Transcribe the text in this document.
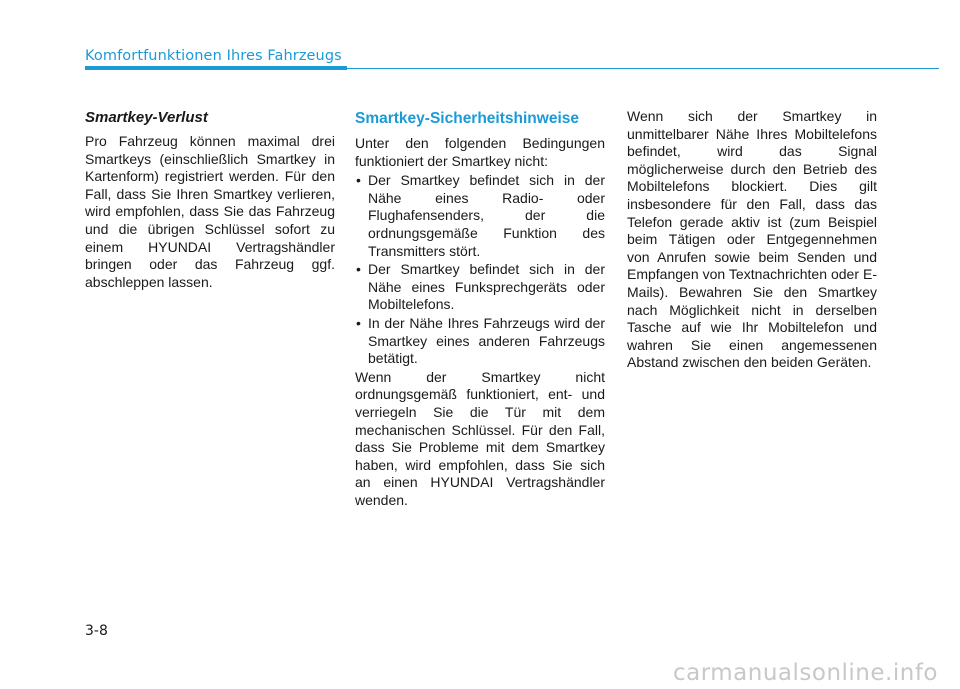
Komfortfunktionen Ihres Fahrzeugs
Smartkey-Verlust

Pro Fahrzeug können maximal drei Smartkeys (einschließlich Smartkey in Kartenform) registriert werden. Für den Fall, dass Sie Ihren Smartkey verlieren, wird empfohlen, dass Sie das Fahrzeug und die übrigen Schlüssel sofort zu einem HYUNDAI Vertragshändler bringen oder das Fahrzeug ggf. abschleppen lassen.

Smartkey-Sicherheitshinweise

Unter den folgenden Bedingungen funktioniert der Smartkey nicht:

• Der Smartkey befindet sich in der Nähe eines Radio- oder Flughafensenders, der die ordnungsgemäße Funktion des Transmitters stört.
• Der Smartkey befindet sich in der Nähe eines Funksprechgeräts oder Mobiltelefons.
• In der Nähe Ihres Fahrzeugs wird der Smartkey eines anderen Fahrzeugs betätigt.

Wenn der Smartkey nicht ordnungsgemäß funktioniert, ent- und verriegeln Sie die Tür mit dem mechanischen Schlüssel. Für den Fall, dass Sie Probleme mit dem Smartkey haben, wird empfohlen, dass Sie sich an einen HYUNDAI Vertragshändler wenden.

Wenn sich der Smartkey in unmittelbarer Nähe Ihres Mobiltelefons befindet, wird das Signal möglicherweise durch den Betrieb des Mobiltelefons blockiert. Dies gilt insbesondere für den Fall, dass das Telefon gerade aktiv ist (zum Beispiel beim Tätigen oder Entgegennehmen von Anrufen sowie beim Senden und Empfangen von Textnachrichten oder E-Mails). Bewahren Sie den Smartkey nach Möglichkeit nicht in derselben Tasche auf wie Ihr Mobiltelefon und wahren Sie einen angemessenen Abstand zwischen den beiden Geräten.

3-8
carmanualsonline.info
